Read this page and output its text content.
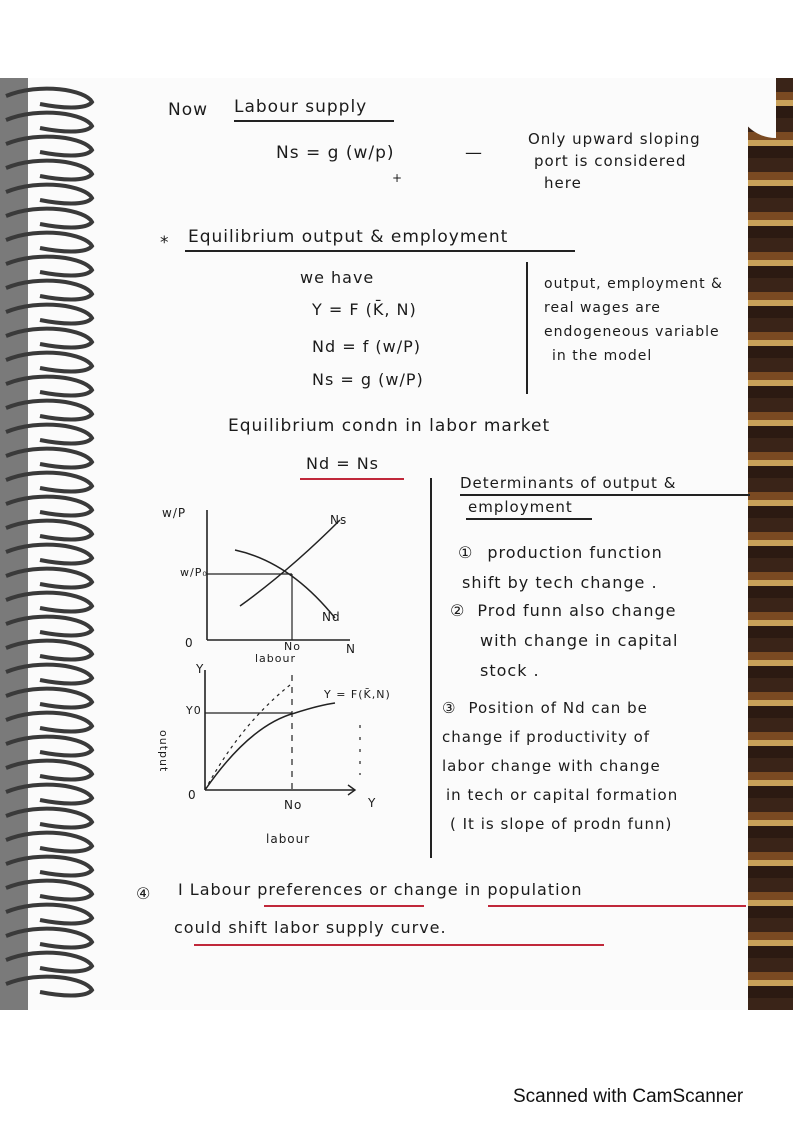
Now Labour supply
Ns = g (w/p)
+
—
Only upward sloping
port is considered
here
* Equilibrium output & employment
we have
Y = F (K̄, N)
Nd = f (w/P)
Ns = g (w/P)
output, employment &
real wages are
endogeneous variable
in the model
Equilibrium condn in labor market
Nd = Ns
w/P
w/P₀
0
Ns
Nd
N
No
labour
Y
Y0
Y = F(K̄,N)
output
0
No	Y
labour
Determinants of output &
employment
① production function
shift by tech change .
② Prod funn also change
with change in capital
stock .
③ Position of Nd can be
change if productivity of
labor change with change
in tech or capital formation
( It is slope of prodn funn)
④ I Labour preferences or change in population
could shift labor supply curve.
Scanned with CamScanner
